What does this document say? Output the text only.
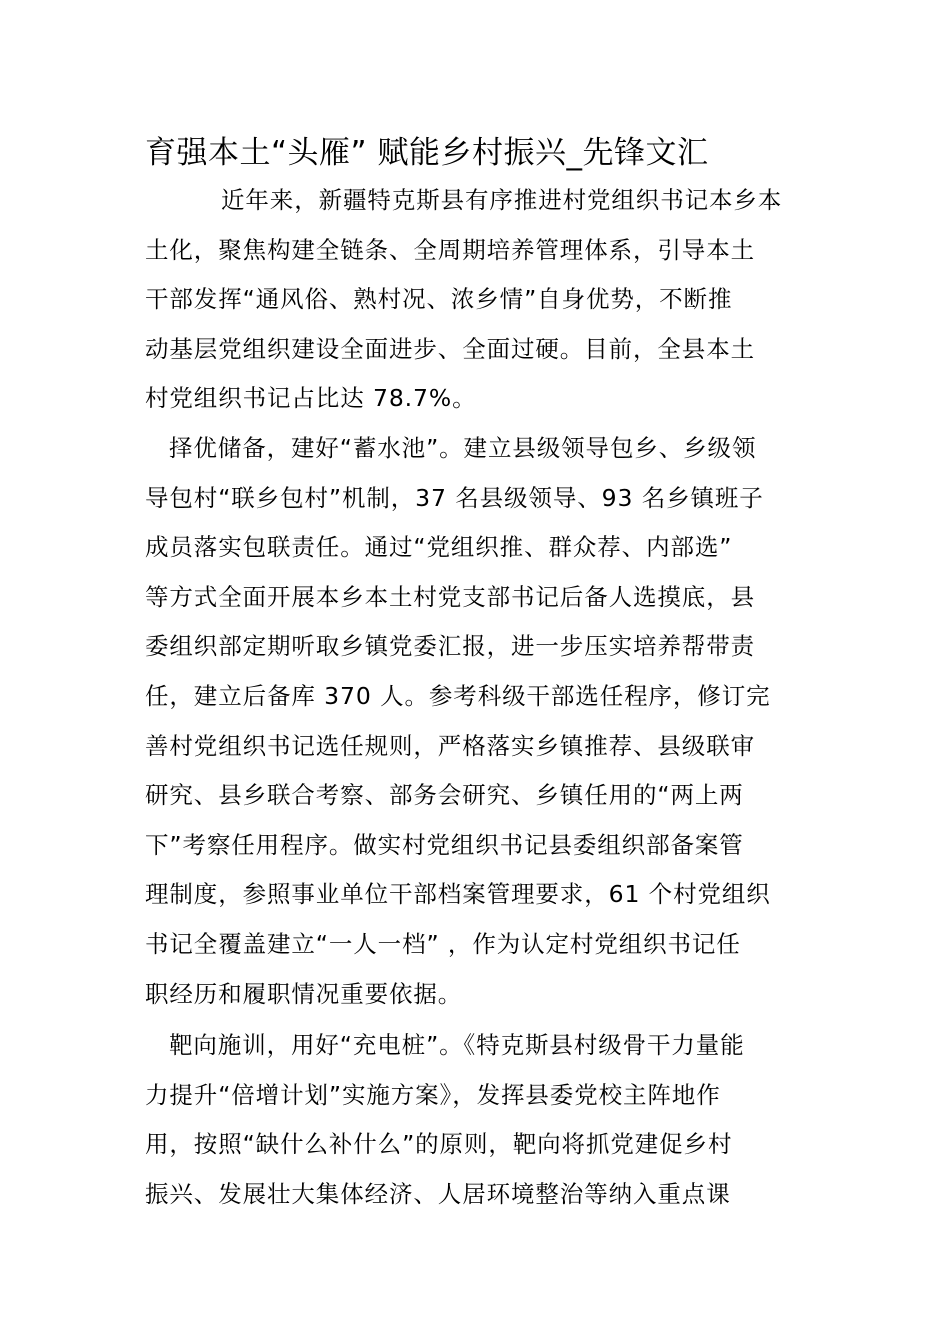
育强本土“头雁” 赋能乡村振兴_先锋文汇
近年来，新疆特克斯县有序推进村党组织书记本乡本
土化，聚焦构建全链条、全周期培养管理体系，引导本土
干部发挥“通风俗、熟村况、浓乡情”自身优势，不断推
动基层党组织建设全面进步、全面过硬。目前，全县本土
村党组织书记占比达 78.7%。
择优储备，建好“蓄水池”。建立县级领导包乡、乡级领
导包村“联乡包村”机制，37 名县级领导、93 名乡镇班子
成员落实包联责任。通过“党组织推、群众荐、内部选”
等方式全面开展本乡本土村党支部书记后备人选摸底，县
委组织部定期听取乡镇党委汇报，进一步压实培养帮带责
任，建立后备库 370 人。参考科级干部选任程序，修订完
善村党组织书记选任规则，严格落实乡镇推荐、县级联审
研究、县乡联合考察、部务会研究、乡镇任用的“两上两
下”考察任用程序。做实村党组织书记县委组织部备案管
理制度，参照事业单位干部档案管理要求，61 个村党组织
书记全覆盖建立“一人一档” ，作为认定村党组织书记任
职经历和履职情况重要依据。
靶向施训，用好“充电桩”。《特克斯县村级骨干力量能
力提升“倍增计划”实施方案》，发挥县委党校主阵地作
用，按照“缺什么补什么”的原则，靶向将抓党建促乡村
振兴、发展壮大集体经济、人居环境整治等纳入重点课
